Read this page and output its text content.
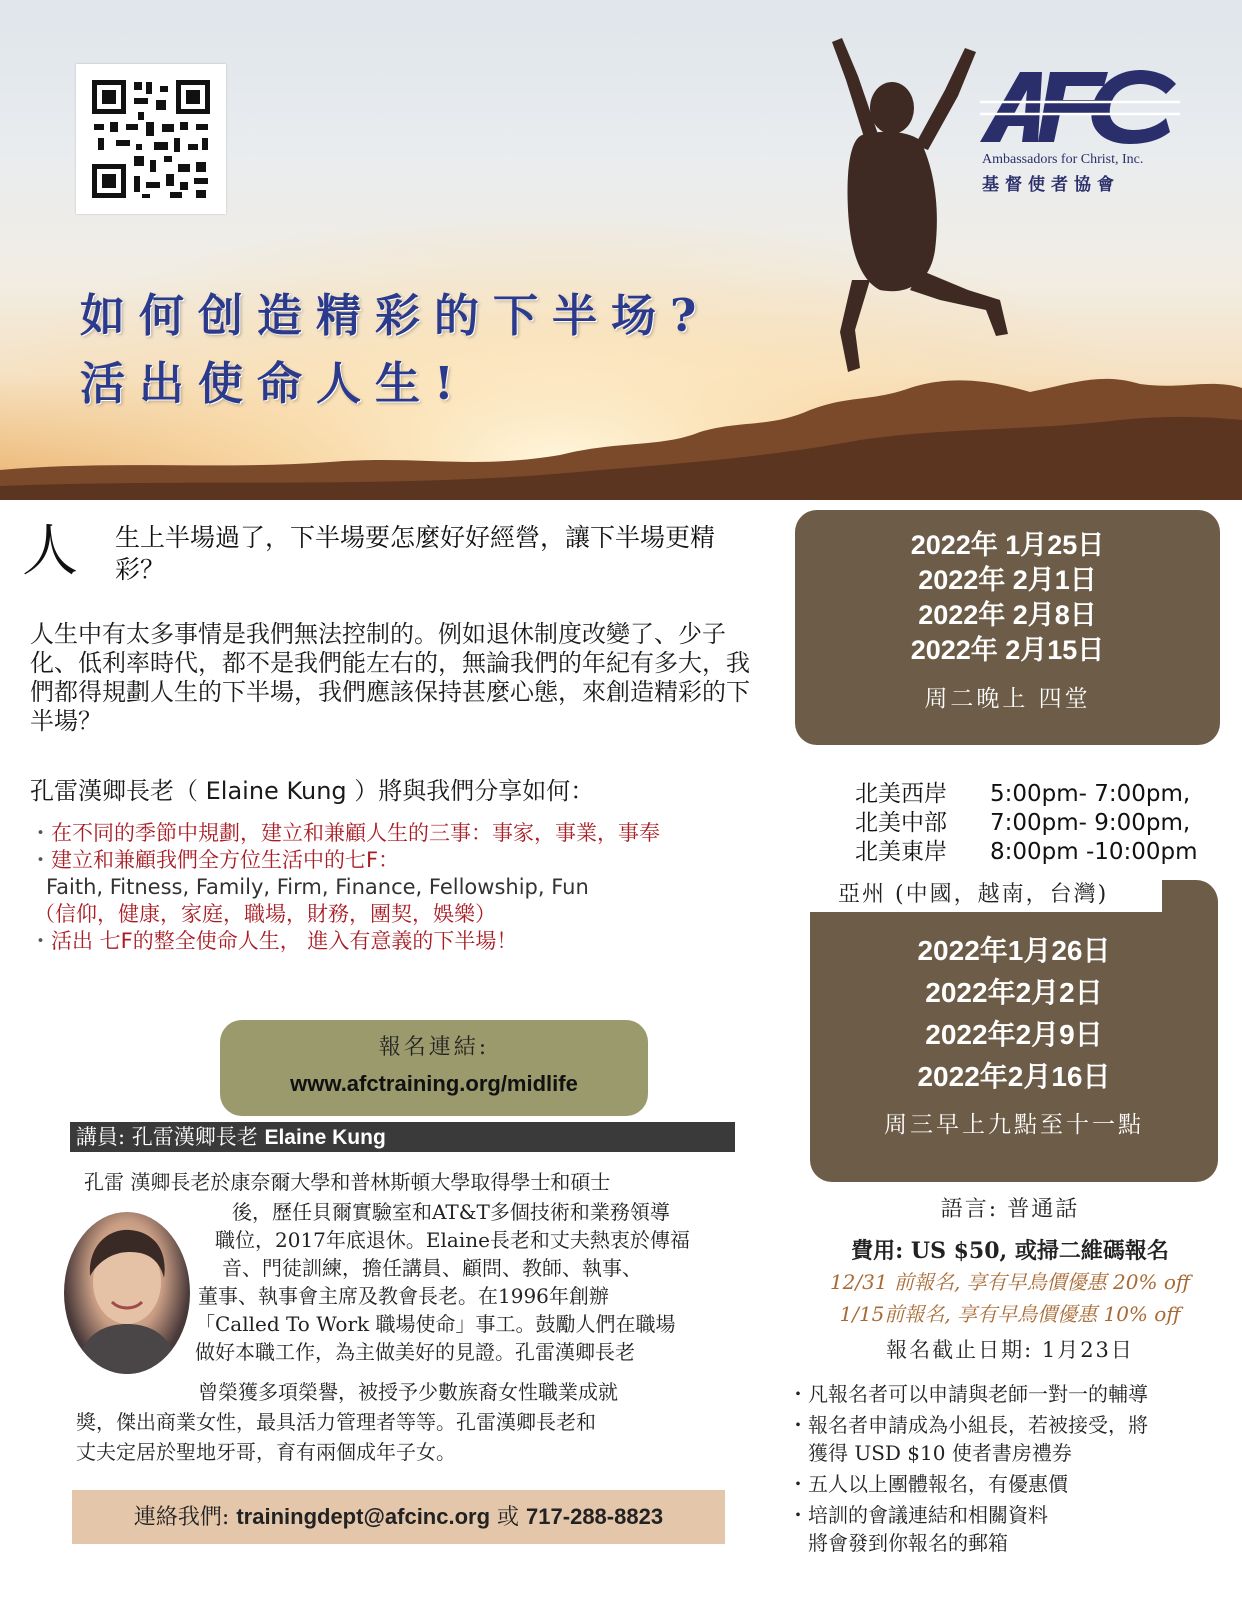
Ambassadors for Christ, Inc.
基督使者協會
如何创造精彩的下半场?
活出使命人生!
人 生上半場過了，下半場要怎麼好好經營，讓下半場更精彩？
人生中有太多事情是我們無法控制的。例如退休制度改變了、少子化、低利率時代，都不是我們能左右的，無論我們的年紀有多大，我們都得規劃人生的下半場，我們應該保持甚麼心態，來創造精彩的下半場？
孔雷漢卿長老（ Elaine Kung ）將與我們分享如何：
・在不同的季節中規劃，建立和兼顧人生的三事：事家，事業，事奉
・建立和兼顧我們全方位生活中的七F：
Faith, Fitness, Family, Firm, Finance, Fellowship, Fun
（信仰，健康，家庭，職場，財務，團契，娛樂）
・活出 七F的整全使命人生， 進入有意義的下半場！
報名連結:
www.afctraining.org/midlife
講員: 孔雷漢卿長老 Elaine Kung
孔雷 漢卿長老於康奈爾大學和普林斯頓大學取得學士和碩士
後，歷任貝爾實驗室和AT&T多個技術和業務領導
職位，2017年底退休。Elaine長老和丈夫熱衷於傳福
音、門徒訓練，擔任講員、顧問、教師、執事、
董事、執事會主席及教會長老。在1996年創辦
「Called To Work 職場使命」事工。鼓勵人們在職場
做好本職工作，為主做美好的見證。孔雷漢卿長老
曾榮獲多項榮譽，被授予少數族裔女性職業成就
獎，傑出商業女性，最具活力管理者等等。孔雷漢卿長老和
丈夫定居於聖地牙哥，育有兩個成年子女。
連絡我們: trainingdept@afcinc.org 或 717-288-8823
2022年 1月25日
2022年 2月1日
2022年 2月8日
2022年 2月15日
周二晚上 四堂
北美西岸 5:00pm- 7:00pm,
北美中部 7:00pm- 9:00pm,
北美東岸 8:00pm -10:00pm
亞州 (中國，越南，台灣)
2022年1月26日
2022年2月2日
2022年2月9日
2022年2月16日
周三早上九點至十一點
語言: 普通話
費用: US $50, 或掃二維碼報名
12/31 前報名, 享有早鳥價優惠 20% off
1/15前報名, 享有早鳥價優惠 10% off
報名截止日期: 1月23日
・凡報名者可以申請與老師一對一的輔導
・報名者申請成為小組長，若被接受，將
獲得 USD $10 使者書房禮券
・五人以上團體報名，有優惠價
・培訓的會議連結和相關資料
將會發到你報名的郵箱
